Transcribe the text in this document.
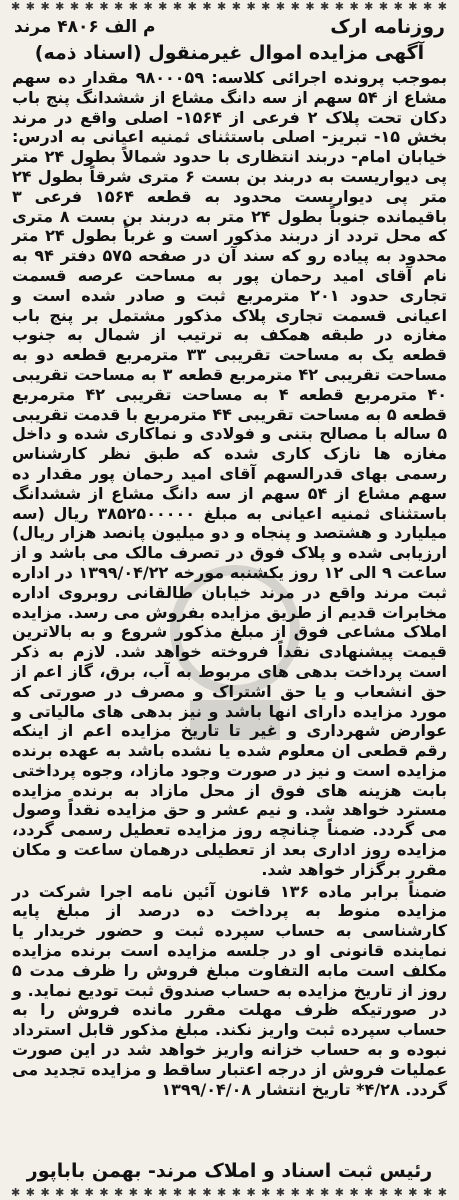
✱ ✱ ✱ ✱ ✱ ✱ ✱ ✱ ✱ ✱ ✱ ✱ ✱ ✱ ✱ ✱ ✱ ✱ ✱ ✱ ✱ ✱ ✱ ✱ ✱ ✱ ✱ ✱ ✱ ✱
روزنامه ارک
م الف ۴۸۰۶ مرند
آگهی مزایده اموال غیرمنقول (اسناد ذمه)

بموجب پرونده اجرائی کلاسه: ۹۸۰۰۰۵۹ مقدار ده سهم مشاع از ۵۴ سهم از سه دانگ مشاع از ششدانگ پنج باب دکان تحت پلاک ۲ فرعی از ۱۵۶۴- اصلی واقع در مرند بخش ۱۵- تبریز- اصلی باستثنای ثمنیه اعیانی به ادرس: خیابان امام- دربند انتظاری با حدود شمالاً بطول ۲۴ متر پی دیواریست به دربند بن بست ۶ متری شرقاً بطول ۲۴ متر پی دیواریست محدود به قطعه ۱۵۶۴ فرعی ۳ باقیمانده جنوباً بطول ۲۴ متر به دربند بن بست ۸ متری که محل تردد از دربند مذکور است و غرباً بطول ۲۴ متر محدود به پیاده رو که سند آن در صفحه ۵۷۵ دفتر ۹۴ به نام آقای امید رحمان پور به مساحت عرصه قسمت تجاری حدود ۲۰۱ مترمربع ثبت و صادر شده است و اعیانی قسمت تجاری پلاک مذکور مشتمل بر پنج باب مغازه در طبقه همکف به ترتیب از شمال به جنوب قطعه یک به مساحت تقریبی ۳۳ مترمربع قطعه دو به مساحت تقریبی ۴۲ مترمربع قطعه ۳ به مساحت تقریبی ۴۰ مترمربع قطعه ۴ به مساحت تقریبی ۴۲ مترمربع قطعه ۵ به مساحت تقریبی ۴۴ مترمربع با قدمت تقریبی ۵ ساله با مصالح بتنی و فولادی و نماکاری شده و داخل مغازه ها نازک کاری شده که طبق نظر کارشناس رسمی بهای قدرالسهم آقای امید رحمان پور مقدار ده سهم مشاع از ۵۴ سهم از سه دانگ مشاع از ششدانگ باستثنای ثمنیه اعیانی به مبلغ ۳۸۵۲۵۰۰۰۰۰ ریال (سه میلیارد و هشتصد و پنجاه و دو میلیون پانصد هزار ریال) ارزیابی شده و پلاک فوق در تصرف مالک می باشد و از ساعت ۹ الی ۱۲ روز یکشنبه مورخه ۱۳۹۹/۰۴/۲۲ در اداره ثبت مرند واقع در مرند خیابان طالقانی روبروی اداره مخابرات قدیم از طریق مزایده بفروش می رسد. مزایده املاک مشاعی فوق از مبلغ مذکور شروع و به بالاترین قیمت پیشنهادی نقداً فروخته خواهد شد. لازم به ذکر است پرداخت بدهی های مربوط به آب، برق، گاز اعم از حق انشعاب و یا حق اشتراک و مصرف در صورتی که مورد مزایده دارای انها باشد و نیز بدهی های مالیاتی و عوارض شهرداری و غیر تا تاریخ مزایده اعم از اینکه رقم قطعی ان معلوم شده یا نشده باشد به عهده برنده مزایده است و نیز در صورت وجود مازاد، وجوه پرداختی بابت هزینه های فوق از محل مازاد به برنده مزایده مسترد خواهد شد. و نیم عشر و حق مزایده نقداً وصول می گردد. ضمناً چنانچه روز مزایده تعطیل رسمی گردد، مزایده روز اداری بعد از تعطیلی درهمان ساعت و مکان مقرر برگزار خواهد شد.

ضمناً برابر ماده ۱۳۶ قانون آئین نامه اجرا شرکت در مزایده منوط به پرداخت ده درصد از مبلغ پایه کارشناسی به حساب سپرده ثبت و حضور خریدار یا نماینده قانونی او در جلسه مزایده است برنده مزایده مکلف است مابه التفاوت مبلغ فروش را ظرف مدت ۵ روز از تاریخ مزایده به حساب صندوق ثبت تودیع نماید. و در صورتیکه ظرف مهلت مقرر مانده فروش را به حساب سپرده ثبت واریز نکند. مبلغ مذکور قابل استرداد نبوده و به حساب خزانه واریز خواهد شد در این صورت عملیات فروش از درجه اعتبار ساقط و مزایده تجدید می گردد. ۴/۲۸* تاریخ انتشار ۱۳۹۹/۰۴/۰۸

رئیس ثبت اسناد و املاک مرند- بهمن باباپور
✱ ✱ ✱ ✱ ✱ ✱ ✱ ✱ ✱ ✱ ✱ ✱ ✱ ✱ ✱ ✱ ✱ ✱ ✱ ✱ ✱ ✱ ✱ ✱ ✱ ✱ ✱ ✱ ✱ ✱
